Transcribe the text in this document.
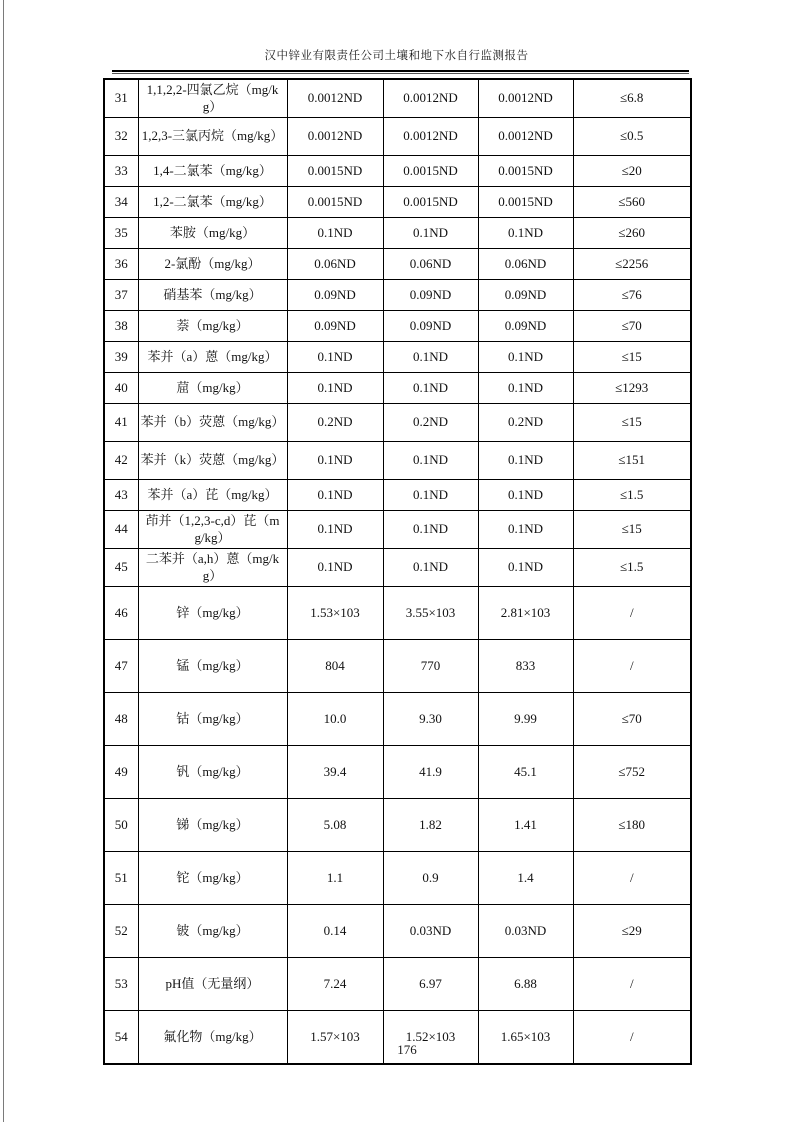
汉中锌业有限责任公司土壤和地下水自行监测报告
31	1,1,2,2-四氯乙烷（mg/kg）	0.0012ND	0.0012ND	0.0012ND	≤6.8
32	1,2,3-三氯丙烷（mg/kg）	0.0012ND	0.0012ND	0.0012ND	≤0.5
33	1,4-二氯苯（mg/kg）	0.0015ND	0.0015ND	0.0015ND	≤20
34	1,2-二氯苯（mg/kg）	0.0015ND	0.0015ND	0.0015ND	≤560
35	苯胺（mg/kg）	0.1ND	0.1ND	0.1ND	≤260
36	2-氯酚（mg/kg）	0.06ND	0.06ND	0.06ND	≤2256
37	硝基苯（mg/kg）	0.09ND	0.09ND	0.09ND	≤76
38	萘（mg/kg）	0.09ND	0.09ND	0.09ND	≤70
39	苯并（a）蒽（mg/kg）	0.1ND	0.1ND	0.1ND	≤15
40	䓛（mg/kg）	0.1ND	0.1ND	0.1ND	≤1293
41	苯并（b）荧蒽（mg/kg）	0.2ND	0.2ND	0.2ND	≤15
42	苯并（k）荧蒽（mg/kg）	0.1ND	0.1ND	0.1ND	≤151
43	苯并（a）芘（mg/kg）	0.1ND	0.1ND	0.1ND	≤1.5
44	茚并（1,2,3-c,d）芘（mg/kg）	0.1ND	0.1ND	0.1ND	≤15
45	二苯并（a,h）蒽（mg/kg）	0.1ND	0.1ND	0.1ND	≤1.5
46	锌（mg/kg）	1.53×103	3.55×103	2.81×103	/
47	锰（mg/kg）	804	770	833	/
48	钴（mg/kg）	10.0	9.30	9.99	≤70
49	钒（mg/kg）	39.4	41.9	45.1	≤752
50	锑（mg/kg）	5.08	1.82	1.41	≤180
51	铊（mg/kg）	1.1	0.9	1.4	/
52	铍（mg/kg）	0.14	0.03ND	0.03ND	≤29
53	pH值（无量纲）	7.24	6.97	6.88	/
54	氟化物（mg/kg）	1.57×103	1.52×103	1.65×103	/
176
